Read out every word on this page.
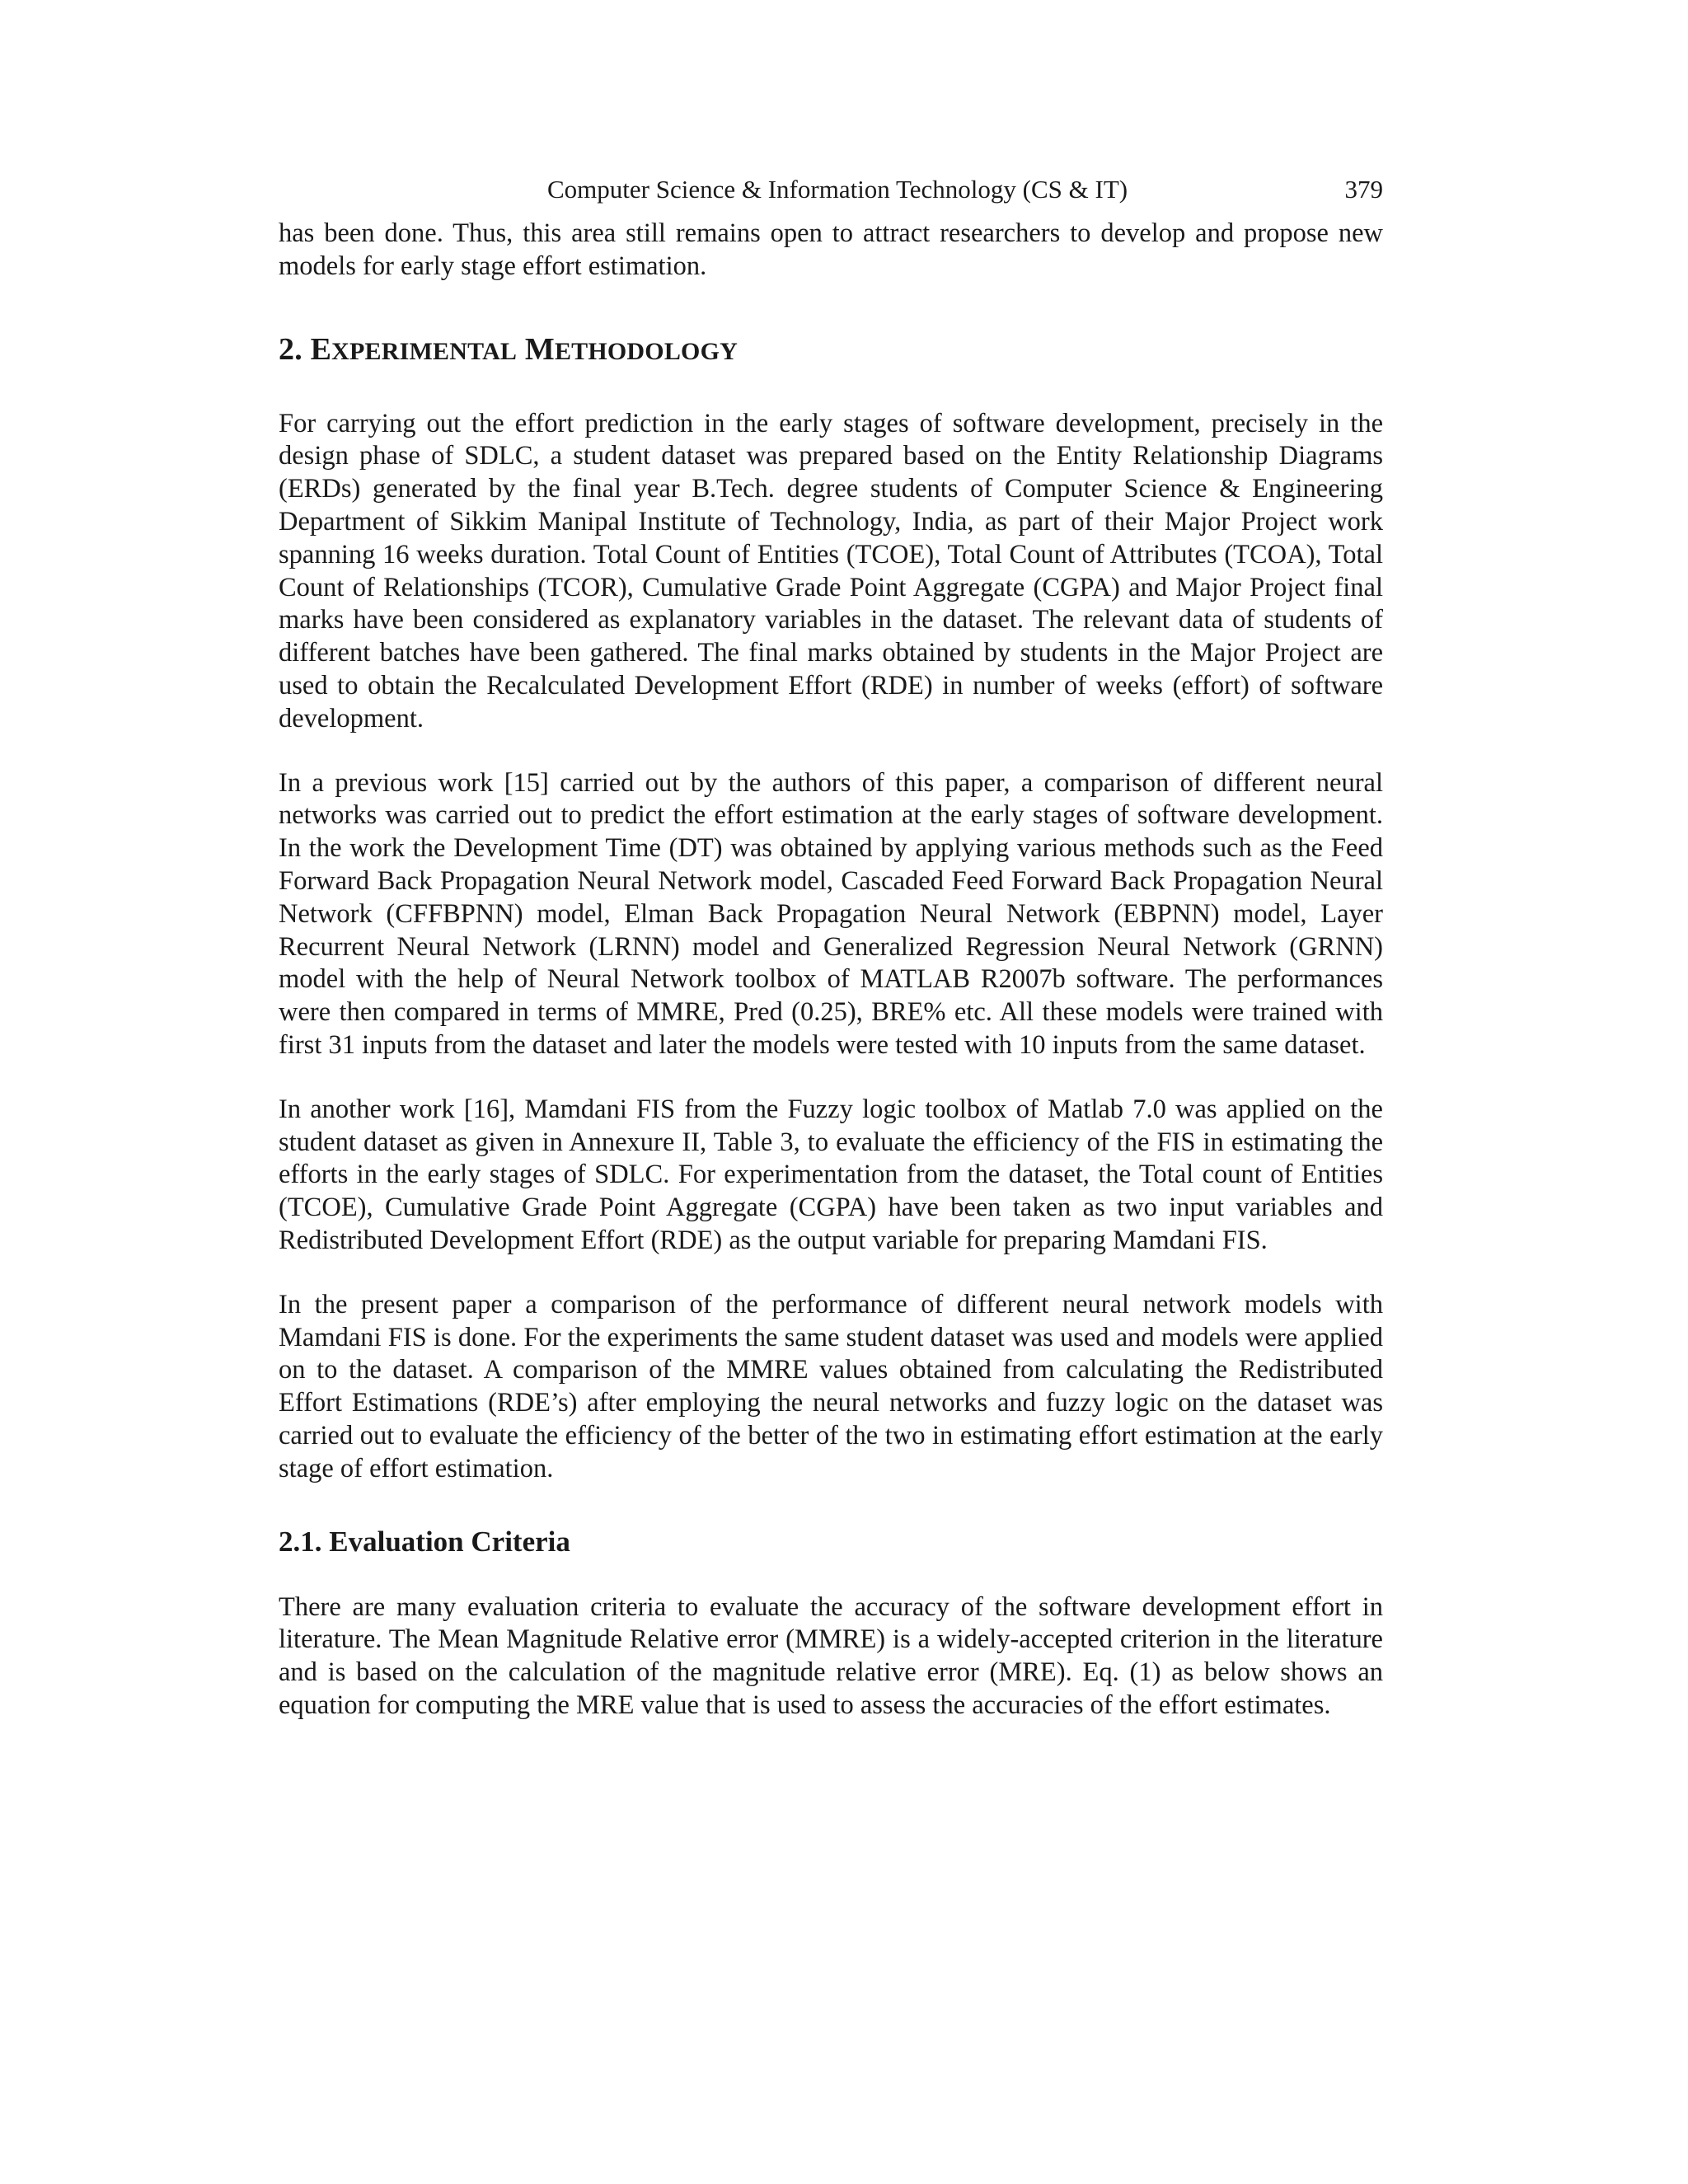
Computer Science & Information Technology (CS & IT)	379

has been done. Thus, this area still remains open to attract researchers to develop and propose new models for early stage effort estimation.

2. EXPERIMENTAL METHODOLOGY

For carrying out the effort prediction in the early stages of software development, precisely in the design phase of SDLC, a student dataset was prepared based on the Entity Relationship Diagrams (ERDs) generated by the final year B.Tech. degree students of Computer Science & Engineering Department of Sikkim Manipal Institute of Technology, India, as part of their Major Project work spanning 16 weeks duration. Total Count of Entities (TCOE), Total Count of Attributes (TCOA), Total Count of Relationships (TCOR), Cumulative Grade Point Aggregate (CGPA) and Major Project final marks have been considered as explanatory variables in the dataset. The relevant data of students of different batches have been gathered. The final marks obtained by students in the Major Project are used to obtain the Recalculated Development Effort (RDE) in number of weeks (effort) of software development.

In a previous work [15] carried out by the authors of this paper, a comparison of different neural networks was carried out to predict the effort estimation at the early stages of software development. In the work the Development Time (DT) was obtained by applying various methods such as the Feed Forward Back Propagation Neural Network model, Cascaded Feed Forward Back Propagation Neural Network (CFFBPNN) model, Elman Back Propagation Neural Network (EBPNN) model, Layer Recurrent Neural Network (LRNN) model and Generalized Regression Neural Network (GRNN) model with the help of Neural Network toolbox of MATLAB R2007b software. The performances were then compared in terms of MMRE, Pred (0.25), BRE% etc. All these models were trained with first 31 inputs from the dataset and later the models were tested with 10 inputs from the same dataset.

In another work [16], Mamdani FIS from the Fuzzy logic toolbox of Matlab 7.0 was applied on the student dataset as given in Annexure II, Table 3, to evaluate the efficiency of the FIS in estimating the efforts in the early stages of SDLC. For experimentation from the dataset, the Total count of Entities (TCOE), Cumulative Grade Point Aggregate (CGPA) have been taken as two input variables and Redistributed Development Effort (RDE) as the output variable for preparing Mamdani FIS.

In the present paper a comparison of the performance of different neural network models with Mamdani FIS is done. For the experiments the same student dataset was used and models were applied on to the dataset. A comparison of the MMRE values obtained from calculating the Redistributed Effort Estimations (RDE’s) after employing the neural networks and fuzzy logic on the dataset was carried out to evaluate the efficiency of the better of the two in estimating effort estimation at the early stage of effort estimation.

2.1. Evaluation Criteria

There are many evaluation criteria to evaluate the accuracy of the software development effort in literature. The Mean Magnitude Relative error (MMRE) is a widely-accepted criterion in the literature and is based on the calculation of the magnitude relative error (MRE). Eq. (1) as below shows an equation for computing the MRE value that is used to assess the accuracies of the effort estimates.
